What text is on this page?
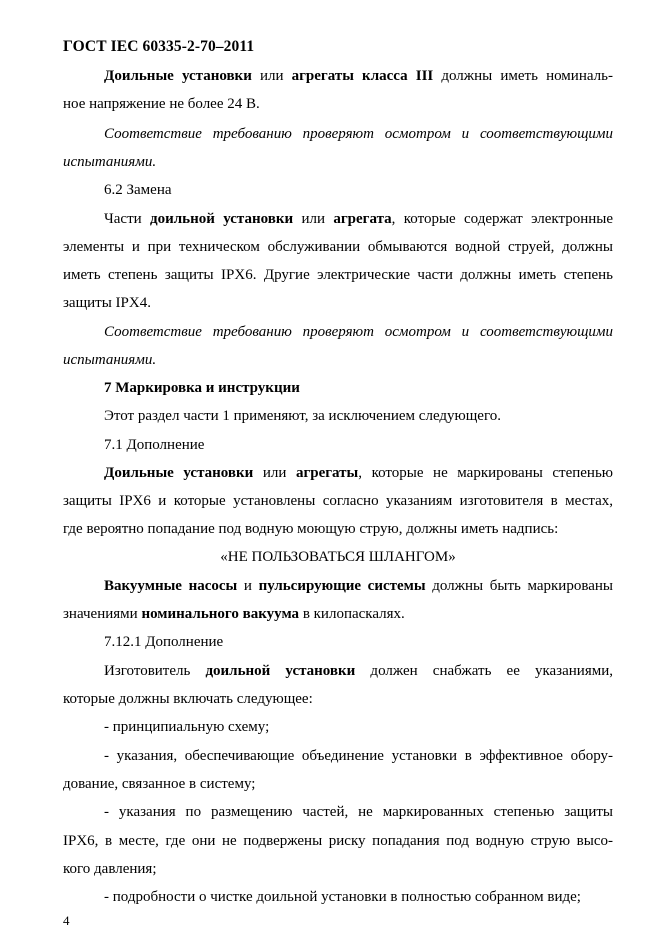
ГОСТ IEC 60335-2-70–2011
Доильные установки или агрегаты класса III должны иметь номиналь-
ное напряжение не более 24 В.
Соответствие требованию проверяют осмотром и соответствующими
испытаниями.
6.2 Замена
Части доильной установки или агрегата, которые содержат электронные
элементы и при техническом обслуживании обмываются водной струей, должны
иметь степень защиты IPX6. Другие электрические части должны иметь степень
защиты IPX4.
Соответствие требованию проверяют осмотром и соответствующими
испытаниями.
7 Маркировка и инструкции
Этот раздел части 1 применяют, за исключением следующего.
7.1 Дополнение
Доильные установки или агрегаты, которые не маркированы степенью
защиты IPX6 и которые установлены согласно указаниям изготовителя в местах,
где вероятно попадание под водную моющую струю, должны иметь надпись:
«НЕ ПОЛЬЗОВАТЬСЯ ШЛАНГОМ»
Вакуумные насосы и пульсирующие системы должны быть маркированы
значениями номинального вакуума в килопаскалях.
7.12.1 Дополнение
Изготовитель доильной установки должен снабжать ее указаниями,
которые должны включать следующее:
- принципиальную схему;
- указания, обеспечивающие объединение установки в эффективное обору-
дование, связанное в систему;
- указания по размещению частей, не маркированных степенью защиты
IPX6, в месте, где они не подвержены риску попадания под водную струю высо-
кого давления;
- подробности о чистке доильной установки в полностью собранном виде;
4
